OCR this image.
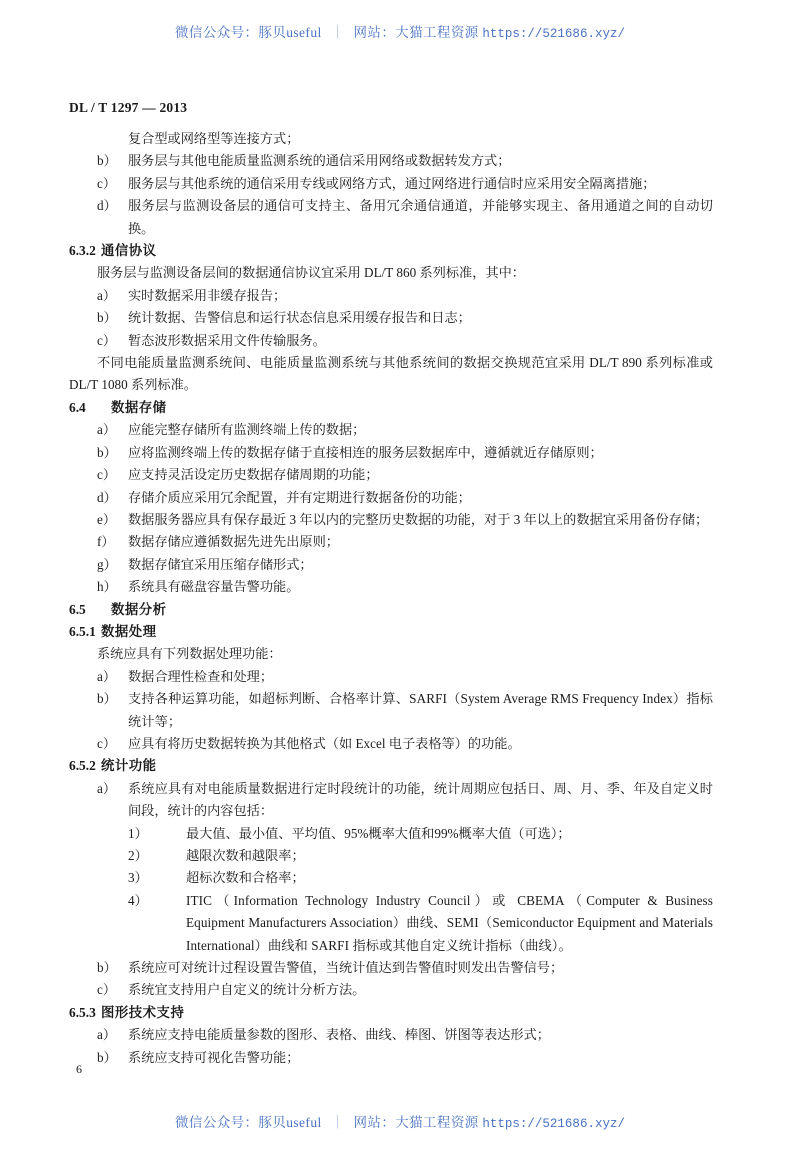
微信公众号：豚贝useful ｜ 网站：大猫工程资源 https://521686.xyz/
DL / T 1297 — 2013

复合型或网络型等连接方式；

b） 服务层与其他电能质量监测系统的通信采用网络或数据转发方式；
c） 服务层与其他系统的通信采用专线或网络方式，通过网络进行通信时应采用安全隔离措施；
d） 服务层与监测设备层的通信可支持主、备用冗余通信通道，并能够实现主、备用通道之间的自动切换。

6.3.2 通信协议

服务层与监测设备层间的数据通信协议宜采用 DL/T 860 系列标准，其中：

a） 实时数据采用非缓存报告；
b） 统计数据、告警信息和运行状态信息采用缓存报告和日志；
c） 暂态波形数据采用文件传输服务。

不同电能质量监测系统间、电能质量监测系统与其他系统间的数据交换规范宜采用 DL/T 890 系列标准或 DL/T 1080 系列标准。

6.4 数据存储

a） 应能完整存储所有监测终端上传的数据；
b） 应将监测终端上传的数据存储于直接相连的服务层数据库中，遵循就近存储原则；
c） 应支持灵活设定历史数据存储周期的功能；
d） 存储介质应采用冗余配置，并有定期进行数据备份的功能；
e） 数据服务器应具有保存最近 3 年以内的完整历史数据的功能，对于 3 年以上的数据宜采用备份存储；
f）	数据存储应遵循数据先进先出原则；
g） 数据存储宜采用压缩存储形式；
h） 系统具有磁盘容量告警功能。

6.5 数据分析

6.5.1 数据处理

系统应具有下列数据处理功能：

a） 数据合理性检查和处理；
b） 支持各种运算功能，如超标判断、合格率计算、SARFI（System Average RMS Frequency Index）指标统计等；
c） 应具有将历史数据转换为其他格式（如 Excel 电子表格等）的功能。

6.5.2 统计功能

a） 系统应具有对电能质量数据进行定时段统计的功能，统计周期应包括日、周、月、季、年及自定义时间段，统计的内容包括：
1）	最大值、最小值、平均值、95%概率大值和99%概率大值（可选）；
2）	越限次数和越限率；
3）	超标次数和合格率；
4）	ITIC（Information Technology Industry Council）或 CBEMA（Computer & Business Equipment Manufacturers Association）曲线、SEMI（Semiconductor Equipment and Materials International）曲线和 SARFI 指标或其他自定义统计指标（曲线）。
b） 系统应可对统计过程设置告警值，当统计值达到告警值时则发出告警信号；
c） 系统宜支持用户自定义的统计分析方法。

6.5.3 图形技术支持

a） 系统应支持电能质量参数的图形、表格、曲线、棒图、饼图等表达形式；
b） 系统应支持可视化告警功能；
6
微信公众号：豚贝useful ｜ 网站：大猫工程资源 https://521686.xyz/
